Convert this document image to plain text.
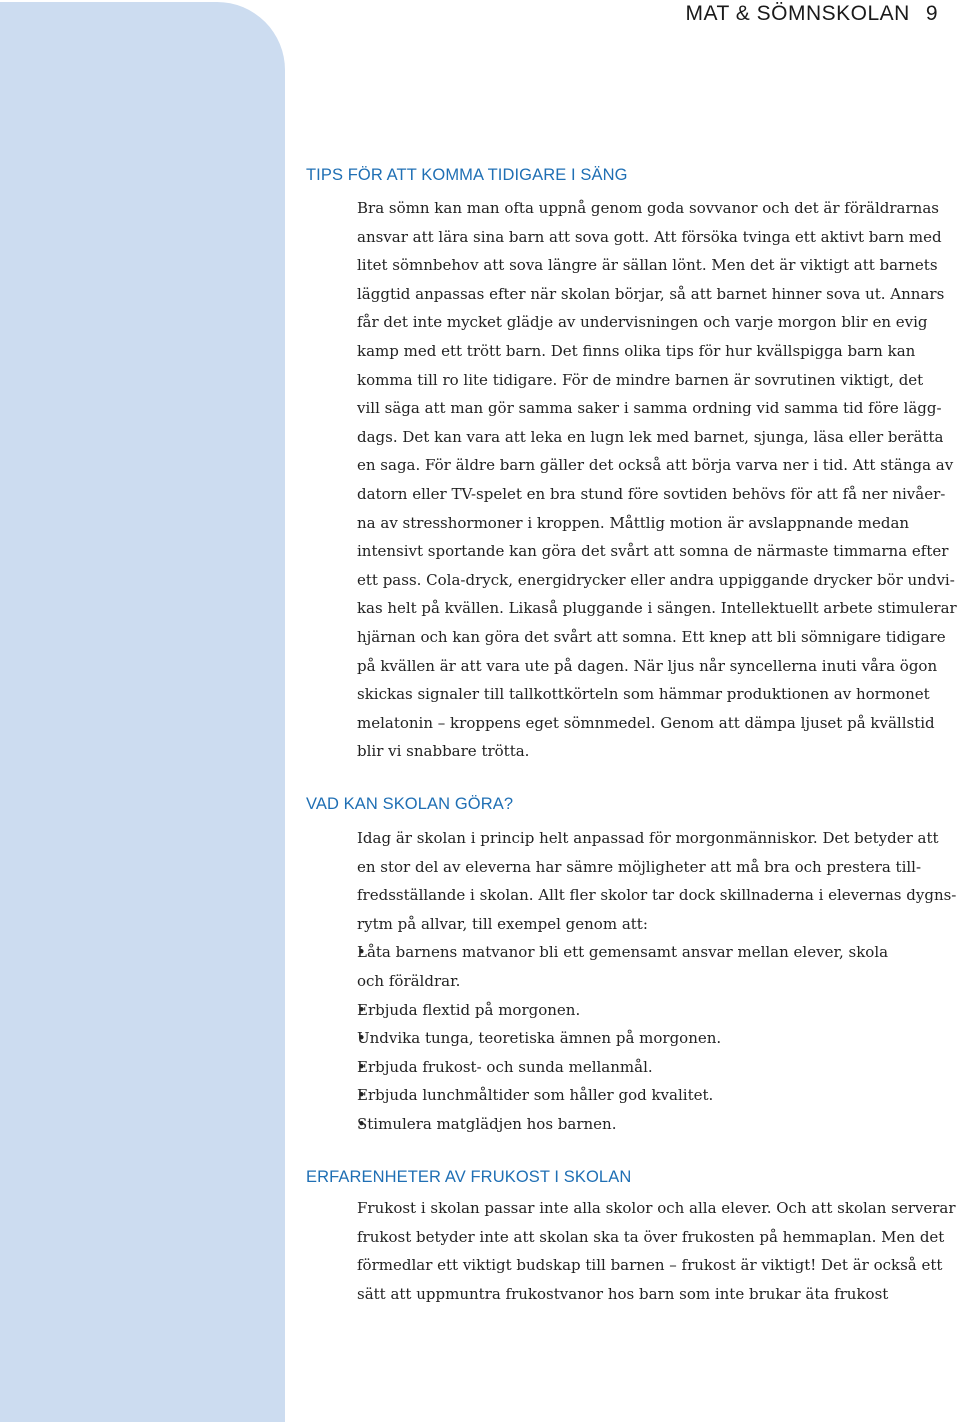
MAT & SÖMNSKOLAN 9
TIPS FÖR ATT KOMMA TIDIGARE I SÄNG
Bra sömn kan man ofta uppnå genom goda sovvanor och det är föräldrarnas
ansvar att lära sina barn att sova gott. Att försöka tvinga ett aktivt barn med
litet sömnbehov att sova längre är sällan lönt. Men det är viktigt att barnets
läggtid anpassas efter när skolan börjar, så att barnet hinner sova ut. Annars
får det inte mycket glädje av undervisningen och varje morgon blir en evig
kamp med ett trött barn. Det finns olika tips för hur kvällspigga barn kan
komma till ro lite tidigare. För de mindre barnen är sovrutinen viktigt, det
vill säga att man gör samma saker i samma ordning vid samma tid före lägg-
dags. Det kan vara att leka en lugn lek med barnet, sjunga, läsa eller berätta
en saga. För äldre barn gäller det också att börja varva ner i tid. Att stänga av
datorn eller TV-spelet en bra stund före sovtiden behövs för att få ner nivåer-
na av stresshormoner i kroppen. Måttlig motion är avslappnande medan
intensivt sportande kan göra det svårt att somna de närmaste timmarna efter
ett pass. Cola-dryck, energidrycker eller andra uppiggande drycker bör undvi-
kas helt på kvällen. Likaså pluggande i sängen. Intellektuellt arbete stimulerar
hjärnan och kan göra det svårt att somna. Ett knep att bli sömnigare tidigare
på kvällen är att vara ute på dagen. När ljus når syncellerna inuti våra ögon
skickas signaler till tallkottkörteln som hämmar produktionen av hormonet
melatonin – kroppens eget sömnmedel. Genom att dämpa ljuset på kvällstid
blir vi snabbare trötta.
VAD KAN SKOLAN GÖRA?
Idag är skolan i princip helt anpassad för morgonmänniskor. Det betyder att
en stor del av eleverna har sämre möjligheter att må bra och prestera till-
fredsställande i skolan. Allt fler skolor tar dock skillnaderna i elevernas dygns-
rytm på allvar, till exempel genom att:
• Låta barnens matvanor bli ett gemensamt ansvar mellan elever, skola
och föräldrar.
• Erbjuda flextid på morgonen.
• Undvika tunga, teoretiska ämnen på morgonen.
• Erbjuda frukost- och sunda mellanmål.
• Erbjuda lunchmåltider som håller god kvalitet.
• Stimulera matglädjen hos barnen.
ERFARENHETER AV FRUKOST I SKOLAN
Frukost i skolan passar inte alla skolor och alla elever. Och att skolan serverar
frukost betyder inte att skolan ska ta över frukosten på hemmaplan. Men det
förmedlar ett viktigt budskap till barnen – frukost är viktigt! Det är också ett
sätt att uppmuntra frukostvanor hos barn som inte brukar äta frukost
